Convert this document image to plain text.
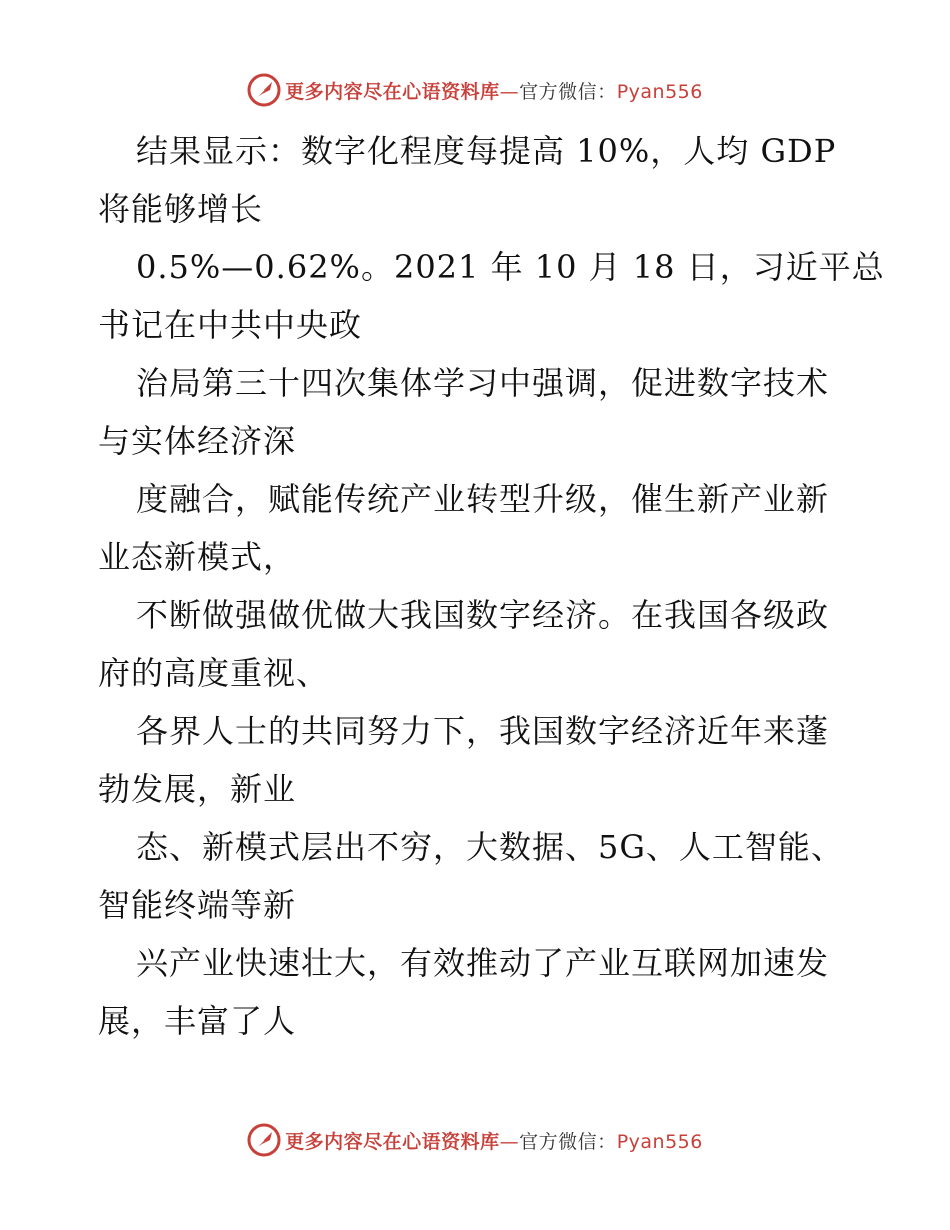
更多内容尽在心语资料库—官方微信：Pyan556
结果显示：数字化程度每提高 10%，人均 GDP
将能够增长
0.5%—0.62%。2021 年 10 月 18 日，习近平总
书记在中共中央政
治局第三十四次集体学习中强调，促进数字技术
与实体经济深
度融合，赋能传统产业转型升级，催生新产业新
业态新模式，
不断做强做优做大我国数字经济。在我国各级政
府的高度重视、
各界人士的共同努力下，我国数字经济近年来蓬
勃发展，新业
态、新模式层出不穷，大数据、5G、人工智能、
智能终端等新
兴产业快速壮大，有效推动了产业互联网加速发
展，丰富了人
更多内容尽在心语资料库—官方微信：Pyan556
